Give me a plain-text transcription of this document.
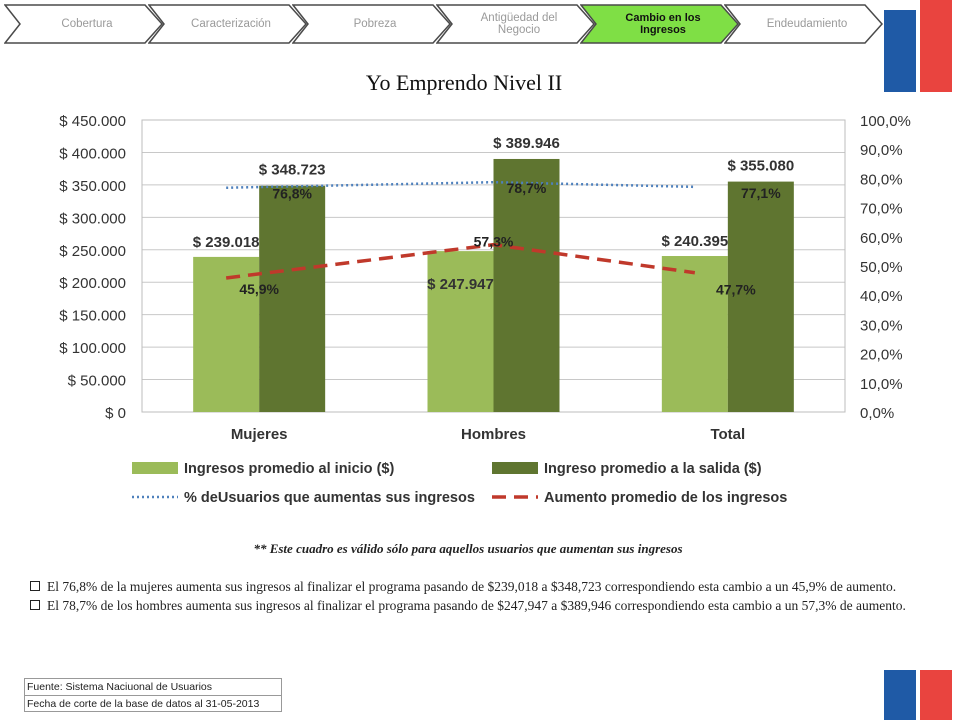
Cobertura	Caracterización	Pobreza	Antigüedad del Negocio
Cambio en los Ingresos	Endeudamiento
Yo Emprendo Nivel II
$ 0
$ 50.000
$ 100.000
$ 150.000
$ 200.000
$ 250.000
$ 300.000
$ 350.000
$ 400.000
$ 450.000
0,0%
10,0%
20,0%
30,0%
40,0%
50,0%
60,0%
70,0%
80,0%
90,0%
100,0%
Mujeres	Hombres	Total
$ 239.018
$ 247.947
$ 240.395
$ 348.723
$ 389.946
$ 355.080
76,8%	78,7%	77,1%
45,9%
57,3%
47,7%
Ingresos promedio al inicio ($)	Ingreso promedio a la salida ($)
% deUsuarios que aumentas sus ingresos	Aumento promedio de los ingresos
** Este cuadro es válido sólo para aquellos usuarios que aumentan sus ingresos
El 76,8% de la mujeres aumenta sus ingresos al finalizar el programa pasando de $239,018 a $348,723 correspondiendo esta cambio a un 45,9% de aumento.
El 78,7% de los hombres aumenta sus ingresos al finalizar el programa pasando de $247,947 a $389,946 correspondiendo esta cambio a un 57,3% de aumento.
Fuente: Sistema Naciuonal de Usuarios
Fecha de corte de la base de datos al 31-05-2013
